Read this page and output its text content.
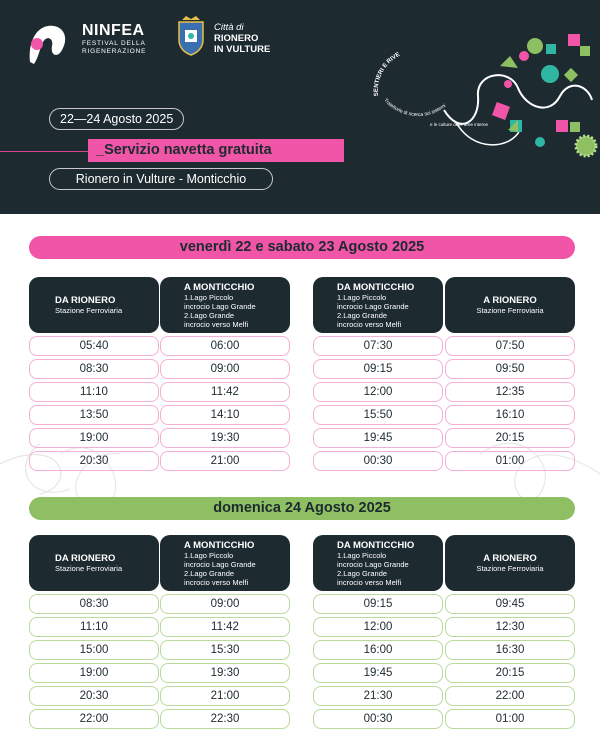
NINFEA
FESTIVAL DELLA RIGENERAZIONE
Città di
RIONERO
IN VULTURE
SENTIERI E RIVE
Traiettorie di ricerca sui sistemi
e le culture delle aree interne
22—24 Agosto 2025
_Servizio navetta gratuita
Rionero in Vulture - Monticchio
venerdì 22 e sabato 23 Agosto 2025
DA RIONERO
Stazione Ferroviaria
A MONTICCHIO
1.Lago Piccolo
incrocio Lago Grande
2.Lago Grande
incrocio verso Melfi
DA MONTICCHIO
1.Lago Piccolo
incrocio Lago Grande
2.Lago Grande
incrocio verso Melfi
A RIONERO
Stazione Ferroviaria
05:40	06:00	07:30	07:50
08:30	09:00	09:15	09:50
11:10	11:42	12:00	12:35
13:50	14:10	15:50	16:10
19:00	19:30	19:45	20:15
20:30	21:00	00:30	01:00
domenica 24 Agosto 2025
DA RIONERO
Stazione Ferroviaria
A MONTICCHIO
1.Lago Piccolo
incrocio Lago Grande
2.Lago Grande
incrocio verso Melfi
DA MONTICCHIO
1.Lago Piccolo
incrocio Lago Grande
2.Lago Grande
incrocio verso Melfi
A RIONERO
Stazione Ferroviaria
08:30	09:00	09:15	09:45
11:10	11:42	12:00	12:30
15:00	15:30	16:00	16:30
19:00	19:30	19:45	20:15
20:30	21:00	21:30	22:00
22:00	22:30	00:30	01:00
